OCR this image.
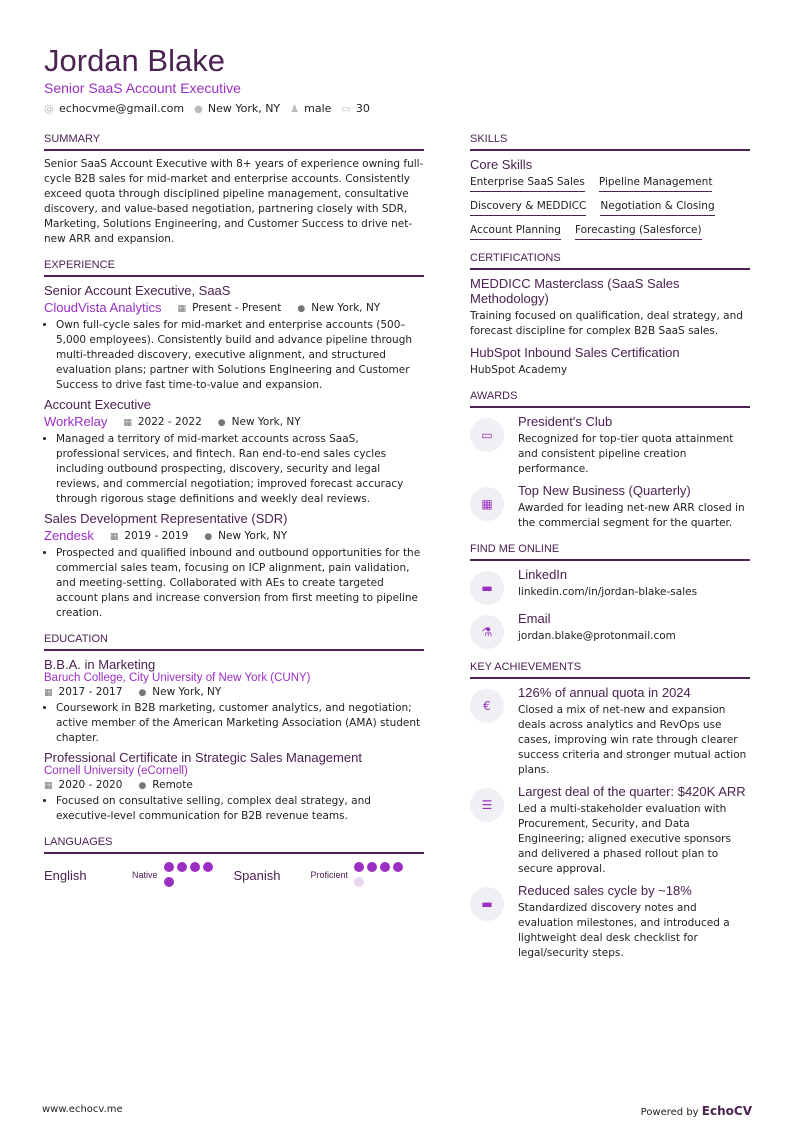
Jordan Blake
Senior SaaS Account Executive
@ echocvme@gmail.com ● New York, NY ♟ male ▭ 30
SUMMARY

Senior SaaS Account Executive with 8+ years of experience owning full-cycle B2B sales for mid-market and enterprise accounts. Consistently exceed quota through disciplined pipeline management, consultative discovery, and value-based negotiation, partnering closely with SDR, Marketing, Solutions Engineering, and Customer Success to drive net-new ARR and expansion.

EXPERIENCE
Senior Account Executive, SaaS
CloudVista Analytics ▦ Present - Present ● New York, NY
• Own full-cycle sales for mid-market and enterprise accounts (500–5,000 employees). Consistently build and advance pipeline through multi-threaded discovery, executive alignment, and structured evaluation plans; partner with Solutions Engineering and Customer Success to drive fast time-to-value and expansion.
Account Executive
WorkRelay ▦ 2022 - 2022 ● New York, NY
• Managed a territory of mid-market accounts across SaaS, professional services, and fintech. Ran end-to-end sales cycles including outbound prospecting, discovery, security and legal reviews, and commercial negotiation; improved forecast accuracy through rigorous stage definitions and weekly deal reviews.
Sales Development Representative (SDR)
Zendesk ▦ 2019 - 2019 ● New York, NY
• Prospected and qualified inbound and outbound opportunities for the commercial sales team, focusing on ICP alignment, pain validation, and meeting-setting. Collaborated with AEs to create targeted account plans and increase conversion from first meeting to pipeline creation.
EDUCATION
B.B.A. in Marketing
Baruch College, City University of New York (CUNY)
▦ 2017 - 2017 ● New York, NY
• Coursework in B2B marketing, customer analytics, and negotiation; active member of the American Marketing Association (AMA) student chapter.
Professional Certificate in Strategic Sales Management
Cornell University (eCornell)
▦ 2020 - 2020 ● Remote
• Focused on consultative selling, complex deal strategy, and executive-level communication for B2B revenue teams.
LANGUAGES
English	Native	Spanish	Proficient
SKILLS
Core Skills
Enterprise SaaS Sales Pipeline Management
Discovery & MEDDICC Negotiation & Closing
Account Planning Forecasting (Salesforce)
CERTIFICATIONS
MEDDICC Masterclass (SaaS Sales Methodology)

Training focused on qualification, deal strategy, and forecast discipline for complex B2B SaaS sales.

HubSpot Inbound Sales Certification

HubSpot Academy

AWARDS
▭
President's Club

Recognized for top-tier quota attainment and consistent pipeline creation performance.

▦
Top New Business (Quarterly)

Awarded for leading net-new ARR closed in the commercial segment for the quarter.

FIND ME ONLINE
▬
LinkedIn

linkedin.com/in/jordan-blake-sales

⚗
Email

jordan.blake@protonmail.com

KEY ACHIEVEMENTS
€
126% of annual quota in 2024

Closed a mix of net-new and expansion deals across analytics and RevOps use cases, improving win rate through clearer success criteria and stronger mutual action plans.

☰
Largest deal of the quarter: $420K ARR

Led a multi-stakeholder evaluation with Procurement, Security, and Data Engineering; aligned executive sponsors and delivered a phased rollout plan to secure approval.

▬
Reduced sales cycle by ~18%

Standardized discovery notes and evaluation milestones, and introduced a lightweight deal desk checklist for legal/security steps.

www.echocv.me	Powered by EchoCV
